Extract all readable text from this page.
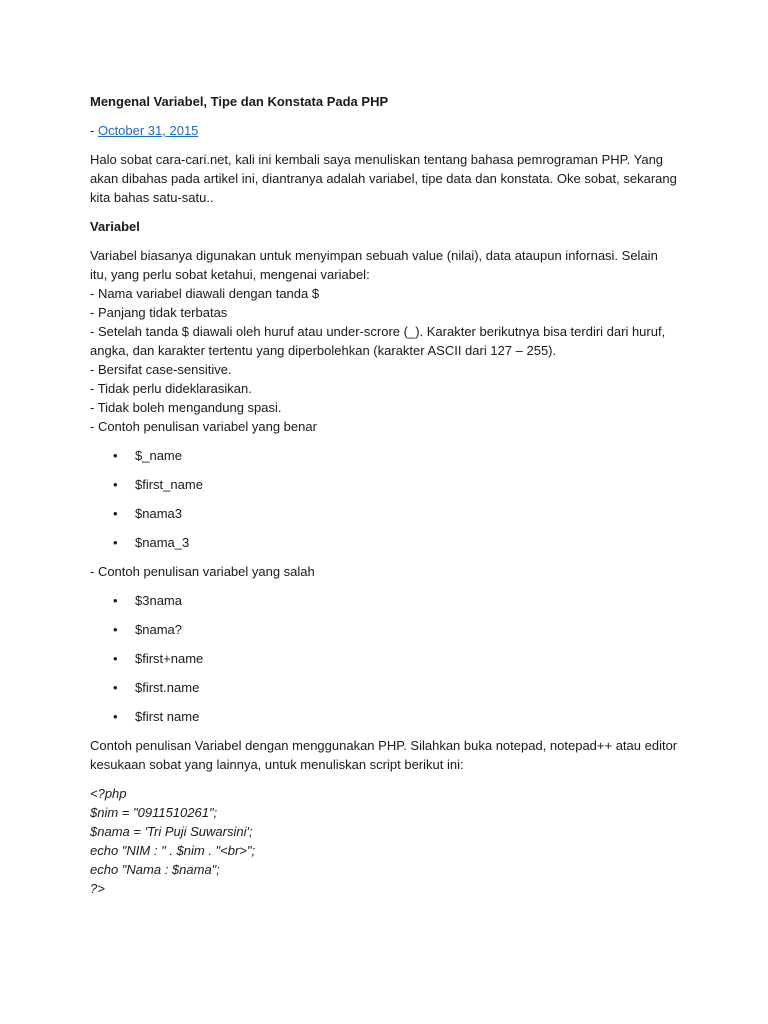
Mengenal Variabel, Tipe dan Konstata Pada PHP
- October 31, 2015
Halo sobat cara-cari.net, kali ini kembali saya menuliskan tentang bahasa pemrograman PHP. Yang akan dibahas pada artikel ini, diantranya adalah variabel, tipe data dan konstata. Oke sobat, sekarang kita bahas satu-satu..
Variabel
Variabel biasanya digunakan untuk menyimpan sebuah value (nilai), data ataupun infornasi. Selain itu, yang perlu sobat ketahui, mengenai variabel:
- Nama variabel diawali dengan tanda $
- Panjang tidak terbatas
- Setelah tanda $ diawali oleh huruf atau under-scrore (_). Karakter berikutnya bisa terdiri dari huruf, angka, dan karakter tertentu yang diperbolehkan (karakter ASCII dari 127 – 255).
- Bersifat case-sensitive.
- Tidak perlu dideklarasikan.
- Tidak boleh mengandung spasi.
- Contoh penulisan variabel yang benar
• $_name
• $first_name
• $nama3
• $nama_3
- Contoh penulisan variabel yang salah
• $3nama
• $nama?
• $first+name
• $first.name
• $first name
Contoh penulisan Variabel dengan menggunakan PHP. Silahkan buka notepad, notepad++ atau editor kesukaan sobat yang lainnya, untuk menuliskan script berikut ini:
<?php
$nim = "0911510261";
$nama = 'Tri Puji Suwarsini';
echo "NIM : " . $nim . "<br>";
echo "Nama : $nama";
?>
